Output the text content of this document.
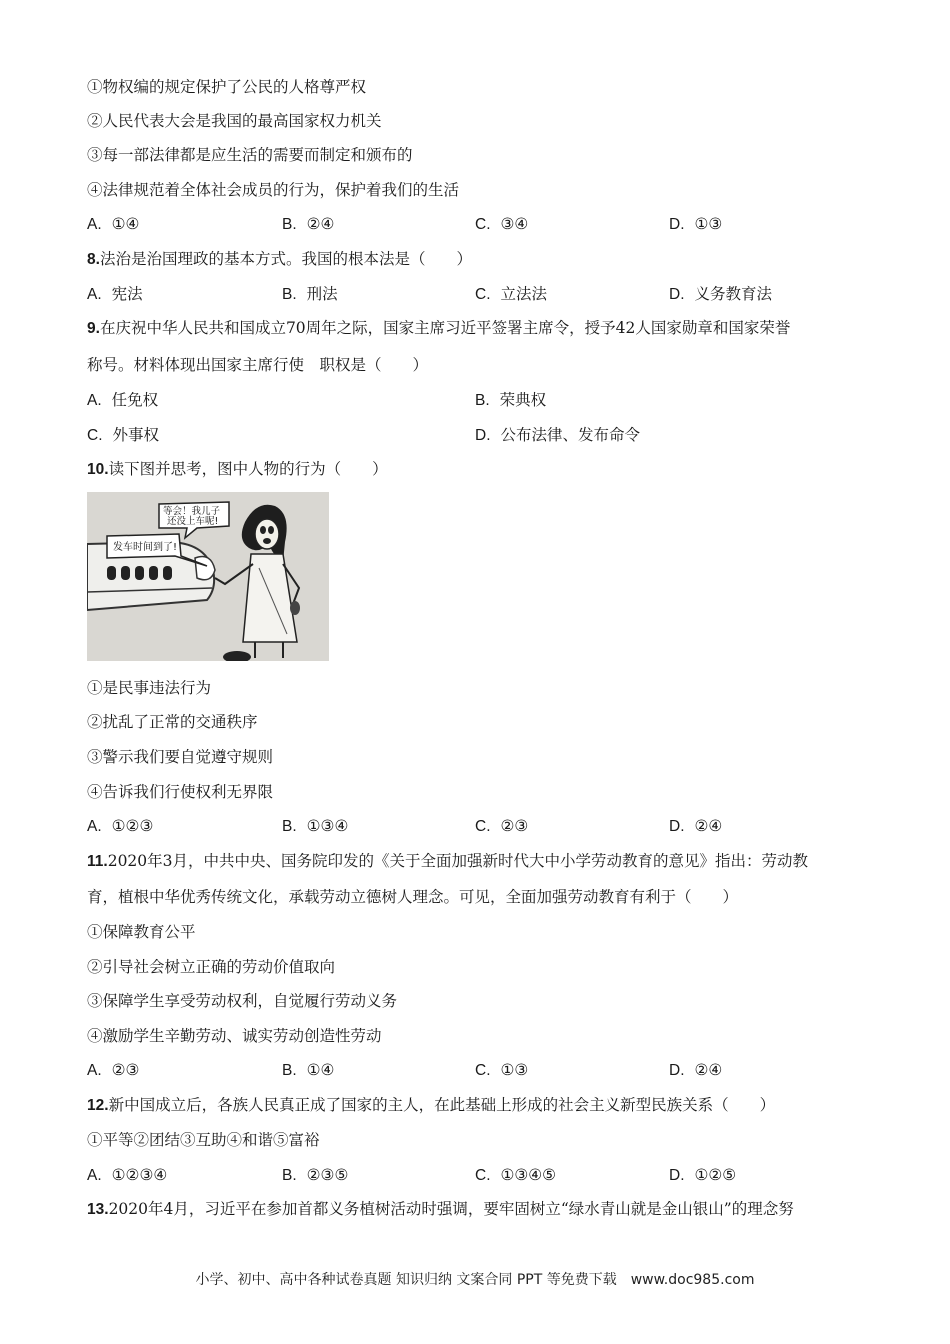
①物权编的规定保护了公民的人格尊严权
②人民代表大会是我国的最高国家权力机关
③每一部法律都是应生活的需要而制定和颁布的
④法律规范着全体社会成员的行为，保护着我们的生活
A. ①④	B. ②④	C. ③④	D. ①③
8.法治是治国理政的基本方式。我国的根本法是（　　）
A. 宪法	B. 刑法	C. 立法法	D. 义务教育法
9.在庆祝中华人民共和国成立70周年之际，国家主席习近平签署主席令，授予42人国家勋章和国家荣誉
称号。材料体现出国家主席行使　职权是（　　）
A. 任免权	B. 荣典权
C. 外事权	D. 公布法律、发布命令
10.读下图并思考，图中人物的行为（　　）
等会！我儿子
还没上车呢!
发车时间到了!
①是民事违法行为
②扰乱了正常的交通秩序
③警示我们要自觉遵守规则
④告诉我们行使权利无界限
A. ①②③	B. ①③④	C. ②③	D. ②④
11.2020年3月，中共中央、国务院印发的《关于全面加强新时代大中小学劳动教育的意见》指出：劳动教
育，植根中华优秀传统文化，承载劳动立德树人理念。可见，全面加强劳动教育有利于（　　）
①保障教育公平
②引导社会树立正确的劳动价值取向
③保障学生享受劳动权利，自觉履行劳动义务
④激励学生辛勤劳动、诚实劳动创造性劳动
A. ②③	B. ①④	C. ①③	D. ②④
12.新中国成立后，各族人民真正成了国家的主人，在此基础上形成的社会主义新型民族关系（　　）
①平等②团结③互助④和谐⑤富裕
A. ①②③④	B. ②③⑤	C. ①③④⑤	D. ①②⑤
13.2020年4月，习近平在参加首都义务植树活动时强调，要牢固树立“绿水青山就是金山银山”的理念努
小学、初中、高中各种试卷真题 知识归纳 文案合同 PPT 等免费下载　www.doc985.com
